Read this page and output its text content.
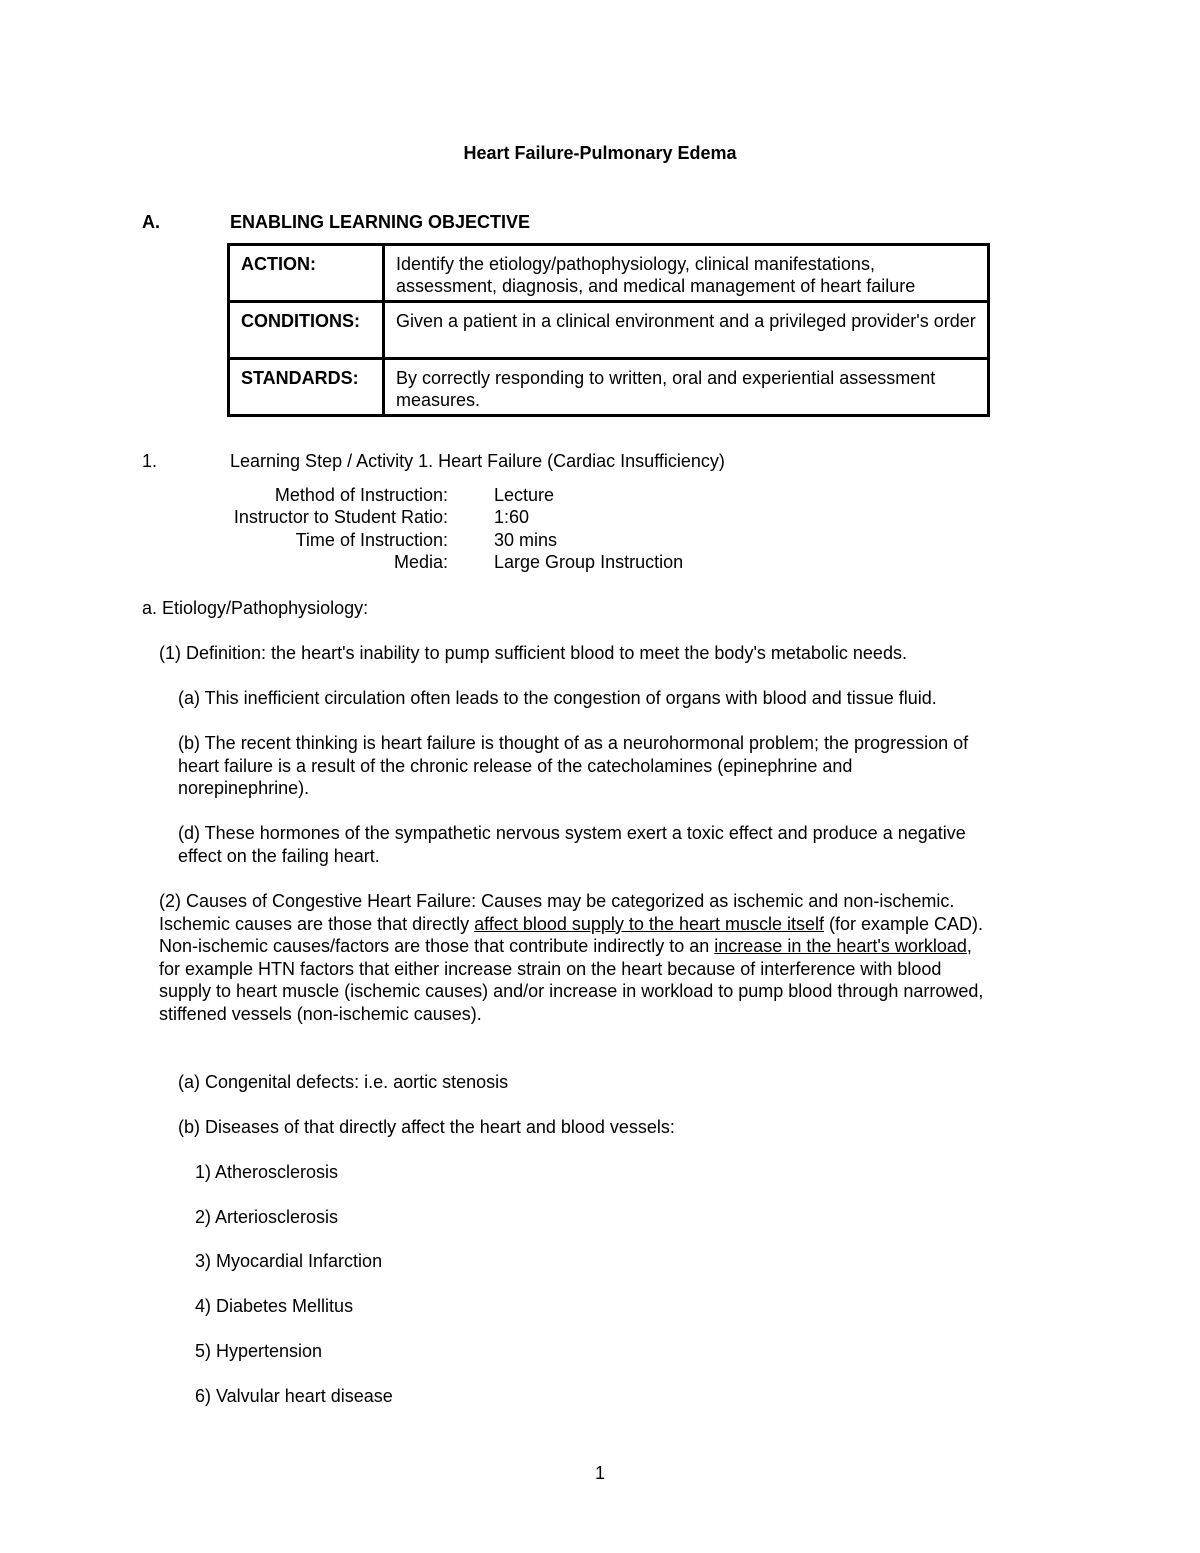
Heart Failure-Pulmonary Edema
A.	ENABLING LEARNING OBJECTIVE
ACTION:	Identify the etiology/pathophysiology, clinical manifestations, assessment, diagnosis, and medical management of heart failure
CONDITIONS:	Given a patient in a clinical environment and a privileged provider's order
STANDARDS:	By correctly responding to written, oral and experiential assessment measures.
1.	Learning Step / Activity 1. Heart Failure (Cardiac Insufficiency)
Method of Instruction:	Lecture
Instructor to Student Ratio:	1:60
Time of Instruction:	30 mins
Media:	Large Group Instruction
a. Etiology/Pathophysiology:
(1) Definition: the heart's inability to pump sufficient blood to meet the body's metabolic needs.
(a) This inefficient circulation often leads to the congestion of organs with blood and tissue fluid.
(b) The recent thinking is heart failure is thought of as a neurohormonal problem; the progression of
heart failure is a result of the chronic release of the catecholamines (epinephrine and
norepinephrine).
(d) These hormones of the sympathetic nervous system exert a toxic effect and produce a negative
effect on the failing heart.
(2) Causes of Congestive Heart Failure: Causes may be categorized as ischemic and non-ischemic.
Ischemic causes are those that directly affect blood supply to the heart muscle itself (for example CAD).
Non-ischemic causes/factors are those that contribute indirectly to an increase in the heart's workload,
for example HTN factors that either increase strain on the heart because of interference with blood
supply to heart muscle (ischemic causes) and/or increase in workload to pump blood through narrowed,
stiffened vessels (non-ischemic causes).
(a) Congenital defects: i.e. aortic stenosis
(b) Diseases of that directly affect the heart and blood vessels:
1) Atherosclerosis
2) Arteriosclerosis
3) Myocardial Infarction
4) Diabetes Mellitus
5) Hypertension
6) Valvular heart disease
1
